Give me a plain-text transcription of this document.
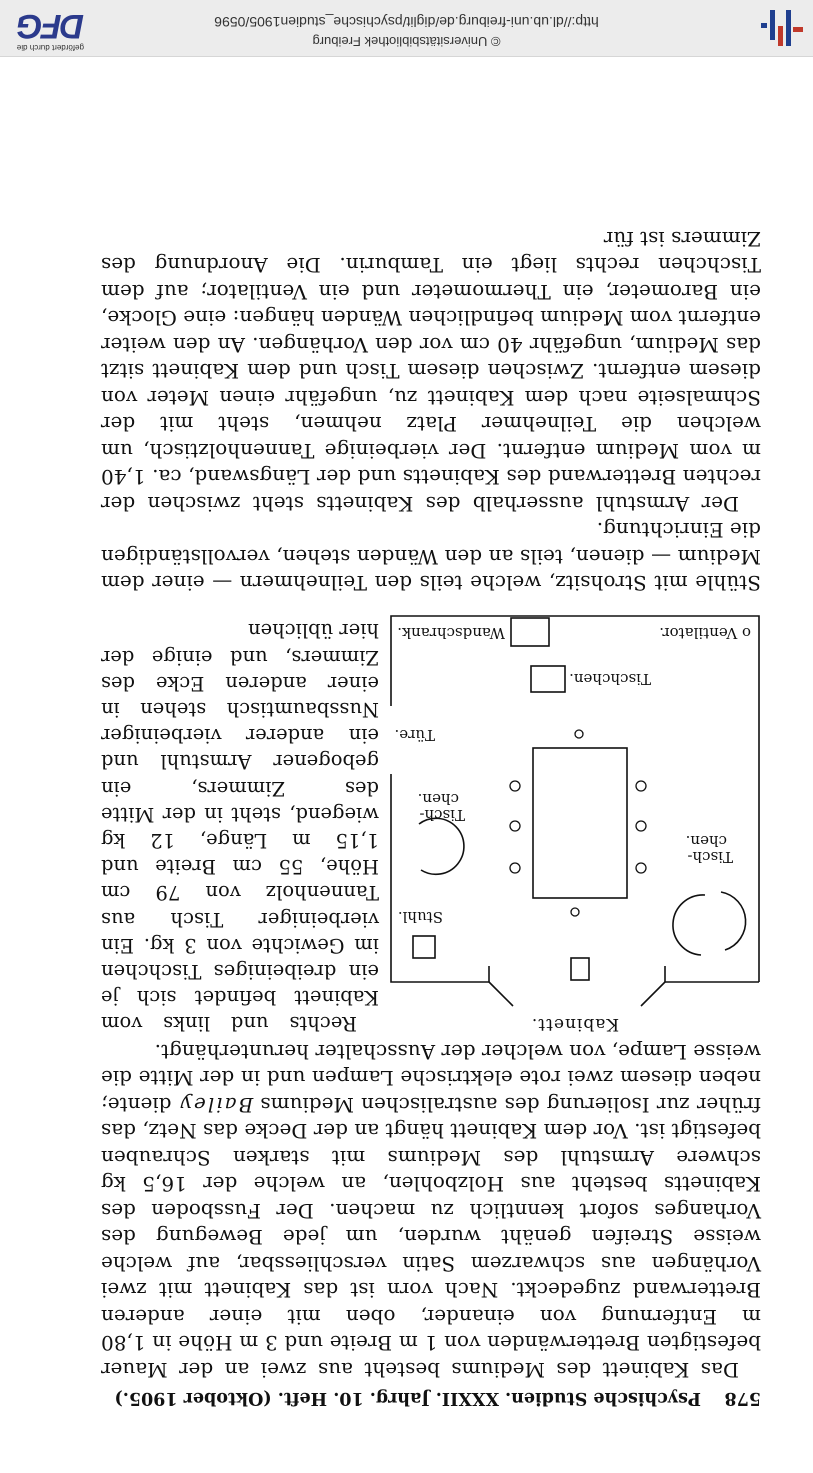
© Universitätsbibliothek Freiburg
http://dl.ub.uni-freiburg.de/diglit/psychische_studien1905/0596
gefördert durch die
DFG
578Psychische Studien. XXXII. Jahrg. 10. Heft. (Oktober 1905.)

Das Kabinett des Mediums besteht aus zwei an der Mauer befestigten Bretterwänden von 1 m Breite und 3 m Höhe in 1,80 m Entfernung von einander, oben mit einer anderen Bretterwand zugedeckt. Nach vorn ist das Kabinett mit zwei Vorhängen aus schwarzem Satin verschliessbar, auf welche weisse Streifen genäht wurden, um jede Bewegung des Vorhanges sofort kenntlich zu machen. Der Fussboden des Kabinetts besteht aus Holzbohlen, an welche der 16,5 kg schwere Armstuhl des Mediums mit starken Schrauben befestigt ist. Vor dem Kabinett hängt an der Decke das Netz, das früher zur Isolierung des australischen Mediums Bailey diente; neben diesem zwei rote elektrische Lampen und in der Mitte die weisse Lampe, von welcher der Ausschalter herunterhängt.

Kabinett.
Stuhl.
Tisch-
chen.
Tisch-
chen.
Türe.
Tischchen.
o Ventilator.
Wandschrank.

Rechts und links vom Kabinett befindet sich je ein dreibeiniges Tischchen im Gewichte von 3 kg. Ein vierbeiniger Tisch aus Tannenholz von 79 cm Höhe, 55 cm Breite und 1,15 m Länge, 12 kg wiegend, steht in der Mitte des Zimmers, ein gebogener Armstuhl und ein anderer vierbeiniger Nussbaumtisch stehen in einer anderen Ecke des Zimmers, und einige der hier üblichen

Stühle mit Strohsitz, welche teils den Teilnehmern — einer dem Medium — dienen, teils an den Wänden stehen, vervollständigen die Einrichtung.

Der Armstuhl ausserhalb des Kabinetts steht zwischen der rechten Bretterwand des Kabinetts und der Längswand, ca. 1,40 m vom Medium entfernt. Der vierbeinige Tannenholztisch, um welchen die Teilnehmer Platz nehmen, steht mit der Schmalseite nach dem Kabinett zu, ungefähr einen Meter von diesem entfernt. Zwischen diesem Tisch und dem Kabinett sitzt das Medium, ungefähr 40 cm vor den Vorhängen. An den weiter entfernt vom Medium befindlichen Wänden hängen: eine Glocke, ein Barometer, ein Thermometer und ein Ventilator; auf dem Tischchen rechts liegt ein Tamburin. Die Anordnung des Zimmers ist für
